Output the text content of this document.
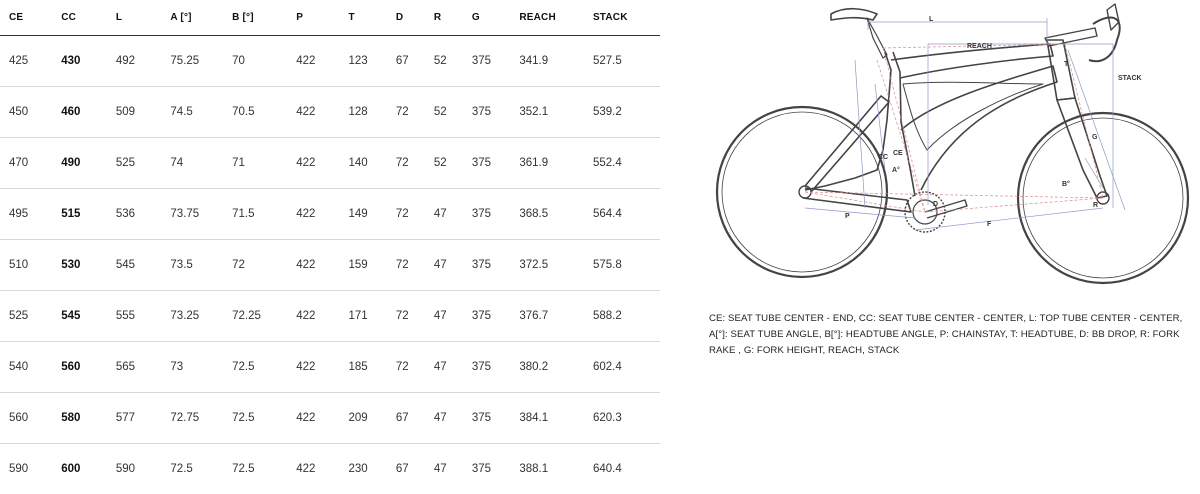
CE	CC	L	A [°]	B [°]	P	T	D	R	G	REACH	STACK
425	430	492	75.25	70	422	123	67	52	375	341.9	527.5
450	460	509	74.5	70.5	422	128	72	52	375	352.1	539.2
470	490	525	74	71	422	140	72	52	375	361.9	552.4
495	515	536	73.75	71.5	422	149	72	47	375	368.5	564.4
510	530	545	73.5	72	422	159	72	47	375	372.5	575.8
525	545	555	73.25	72.25	422	171	72	47	375	376.7	588.2
540	560	565	73	72.5	422	185	72	47	375	380.2	602.4
560	580	577	72.75	72.5	422	209	67	47	375	384.1	620.3
590	600	590	72.5	72.5	422	230	67	47	375	388.1	640.4
L
REACH
STACK
T
G
CC
CE
A°
B°
P
F
D	R
CE: SEAT TUBE CENTER - END, CC: SEAT TUBE CENTER - CENTER, L: TOP TUBE CENTER - CENTER, A[°]: SEAT TUBE ANGLE, B[°]: HEADTUBE ANGLE, P: CHAINSTAY, T: HEADTUBE, D: BB DROP, R: FORK RAKE , G: FORK HEIGHT, REACH, STACK
